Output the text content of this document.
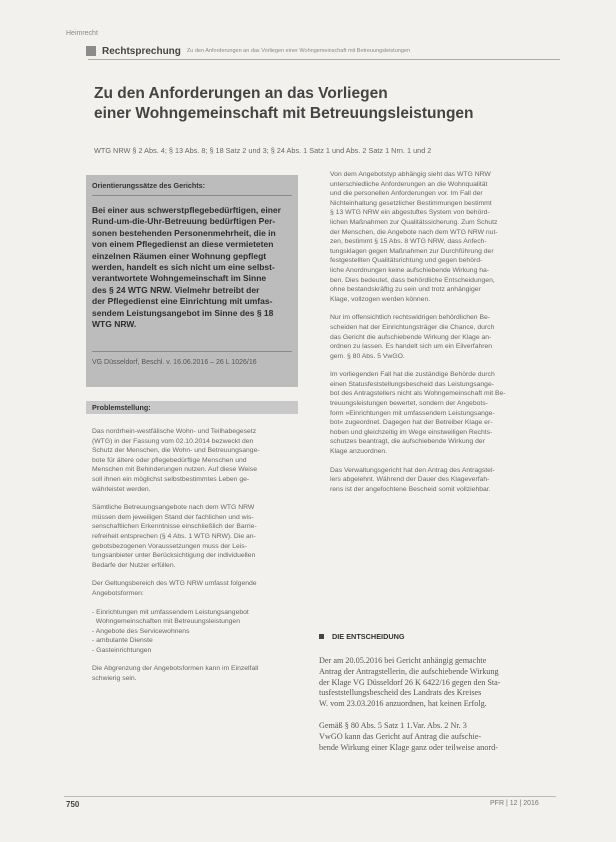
Heimrecht
Rechtsprechung Zu den Anforderungen an das Vorliegen einer Wohngemeinschaft mit Betreuungsleistungen
Zu den Anforderungen an das Vorliegen
einer Wohngemeinschaft mit Betreuungsleistungen
WTG NRW § 2 Abs. 4; § 13 Abs. 8; § 18 Satz 2 und 3; § 24 Abs. 1 Satz 1 und Abs. 2 Satz 1 Nrn. 1 und 2
Orientierungssätze des Gerichts:
Bei einer aus schwerstpflegebedürftigen, einer
Rund-um-die-Uhr-Betreuung bedürftigen Per-
sonen bestehenden Personenmehrheit, die in
von einem Pflegedienst an diese vermieteten
einzelnen Räumen einer Wohnung gepflegt
werden, handelt es sich nicht um eine selbst-
verantwortete Wohngemeinschaft im Sinne
des § 24 WTG NRW. Vielmehr betreibt der
der Pflegedienst eine Einrichtung mit umfas-
sendem Leistungsangebot im Sinne des § 18
WTG NRW.
VG Düsseldorf, Beschl. v. 16.06.2016 – 26 L 1026/16
Problemstellung:

Das nordrhein-westfälische Wohn- und Teilhabegesetz
(WTG) in der Fassung vom 02.10.2014 bezweckt den
Schutz der Menschen, die Wohn- und Betreuungsange-
bote für ältere oder pflegebedürftige Menschen und
Menschen mit Behinderungen nutzen. Auf diese Weise
soll ihnen ein möglichst selbstbestimmtes Leben ge-
währleistet werden.

Sämtliche Betreuungsangebote nach dem WTG NRW
müssen dem jeweiligen Stand der fachlichen und wis-
senschaftlichen Erkenntnisse einschließlich der Barrie-
refreiheit entsprechen (§ 4 Abs. 1 WTG NRW). Die an-
gebotsbezogenen Voraussetzungen muss der Leis-
tungsanbieter unter Berücksichtigung der individuellen
Bedarfe der Nutzer erfüllen.

Der Geltungsbereich des WTG NRW umfasst folgende
Angebotsformen:

- Einrichtungen mit umfassendem Leistungsangebot
Wohngemeinschaften mit Betreuungsleistungen
- Angebote des Servicewohnens
- ambulante Dienste
- Gasteinrichtungen

Die Abgrenzung der Angebotsformen kann im Einzelfall
schwierig sein.

Von dem Angebotstyp abhängig sieht das WTG NRW
unterschiedliche Anforderungen an die Wohnqualität
und die personellen Anforderungen vor. Im Fall der
Nichteinhaltung gesetzlicher Bestimmungen bestimmt
§ 13 WTG NRW ein abgestuftes System von behörd-
lichen Maßnahmen zur Qualitätssicherung. Zum Schutz
der Menschen, die Angebote nach dem WTG NRW nut-
zen, bestimmt § 15 Abs. 8 WTG NRW, dass Anfech-
tungsklagen gegen Maßnahmen zur Durchführung der
festgestellten Qualitätsrichtung und gegen behörd-
liche Anordnungen keine aufschiebende Wirkung ha-
ben. Dies bedeutet, dass behördliche Entscheidungen,
ohne bestandskräftig zu sein und trotz anhängiger
Klage, vollzogen werden können.

Nur im offensichtlich rechtswidrigen behördlichen Be-
scheiden hat der Einrichtungsträger die Chance, durch
das Gericht die aufschiebende Wirkung der Klage an-
ordnen zu lassen. Es handelt sich um ein Eilverfahren
gem. § 80 Abs. 5 VwGO.

Im vorliegenden Fall hat die zuständige Behörde durch
einen Statusfeststellungsbescheid das Leistungsange-
bot des Antragstellers nicht als Wohngemeinschaft mit Be-
treuungsleistungen bewertet, sondern der Angebots-
form »Einrichtungen mit umfassendem Leistungsange-
bot« zugeordnet. Dagegen hat der Betreiber Klage er-
hoben und gleichzeitig im Wege einstweiligen Rechts-
schutzes beantragt, die aufschiebende Wirkung der
Klage anzuordnen.

Das Verwaltungsgericht hat den Antrag des Antragstel-
lers abgelehnt. Während der Dauer des Klageverfah-
rens ist der angefochtene Bescheid somit vollziehbar.

DIE ENTSCHEIDUNG

Der am 20.05.2016 bei Gericht anhängig gemachte
Antrag der Antragstellerin, die aufschiebende Wirkung
der Klage VG Düsseldorf 26 K 6422/16 gegen den Sta-
tusfeststellungsbescheid des Landrats des Kreises
W. vom 23.03.2016 anzuordnen, hat keinen Erfolg.

Gemäß § 80 Abs. 5 Satz 1 1.Var. Abs. 2 Nr. 3
VwGO kann das Gericht auf Antrag die aufschie-
bende Wirkung einer Klage ganz oder teilweise anord-

750	PFR | 12 | 2016
